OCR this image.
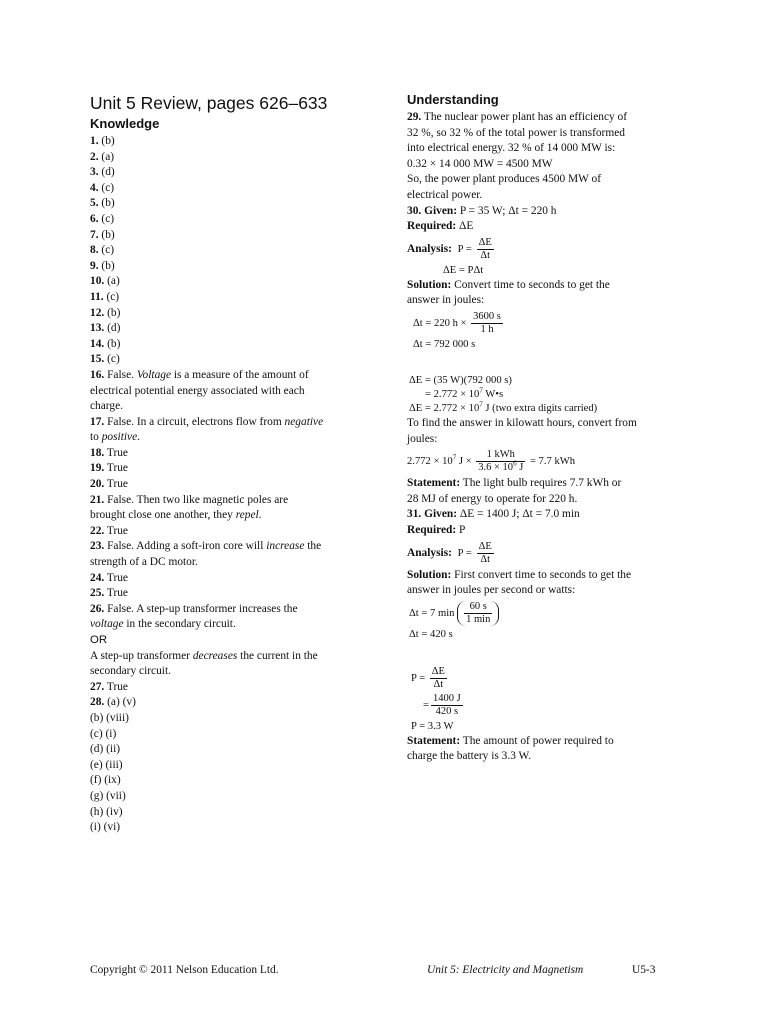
Unit 5 Review, pages 626–633
Knowledge
1. (b)
2. (a)
3. (d)
4. (c)
5. (b)
6. (c)
7. (b)
8. (c)
9. (b)
10. (a)
11. (c)
12. (b)
13. (d)
14. (b)
15. (c)
16. False. Voltage is a measure of the amount of
electrical potential energy associated with each
charge.
17. False. In a circuit, electrons flow from negative
to positive.
18. True
19. True
20. True
21. False. Then two like magnetic poles are
brought close one another, they repel.
22. True
23. False. Adding a soft-iron core will increase the
strength of a DC motor.
24. True
25. True
26. False. A step-up transformer increases the
voltage in the secondary circuit.
OR
A step-up transformer decreases the current in the
secondary circuit.
27. True
28. (a) (v)
(b) (viii)
(c) (i)
(d) (ii)
(e) (iii)
(f) (ix)
(g) (vii)
(h) (iv)
(i) (vi)
Understanding
29. The nuclear power plant has an efficiency of
32 %, so 32 % of the total power is transformed
into electrical energy. 32 % of 14 000 MW is:
0.32 × 14 000 MW = 4500 MW
So, the power plant produces 4500 MW of
electrical power.
30. Given: P = 35 W; Δt = 220 h
Required: ΔE
Analysis: $P = \frac{\Delta E}{\Delta t}$
ΔE = PΔt
Solution: Convert time to seconds to get the
answer in joules:
Δt = 220 $h \times \frac{3600 s}{1 h}$
Δt = 792 000 s
ΔE = (35 W)(792 000 s)
= $2.772 \times 10^7$ W•s
$\Delta E = 2.772 \times 10^7$ J (two extra digits carried)
To find the answer in kilowatt hours, convert from
joules:
$2.772 \times 10^7$ $J \times \frac{\text{1 kWh}}{3.6 \times 10^6 J} = 7.7$ kWh
Statement: The light bulb requires 7.7 kWh or
28 MJ of energy to operate for 220 h.
31. Given: ΔE = 1400 J; Δt = 7.0 min
Required: P
Analysis: $P = \frac{\Delta E}{\Delta t}$
Solution: First convert time to seconds to get the
answer in joules per second or watts:
Δt = 7 $\min \frac{60 s}{1 \min}$
Δt = 420 s
$P = \frac{\Delta E}{\Delta t}$
= $\frac{1400 J}{420 s}$
P = 3.3 W
Statement: The amount of power required to
charge the battery is 3.3 W.
Copyright © 2011 Nelson Education Ltd.	Unit 5: Electricity and Magnetism	U5-3
